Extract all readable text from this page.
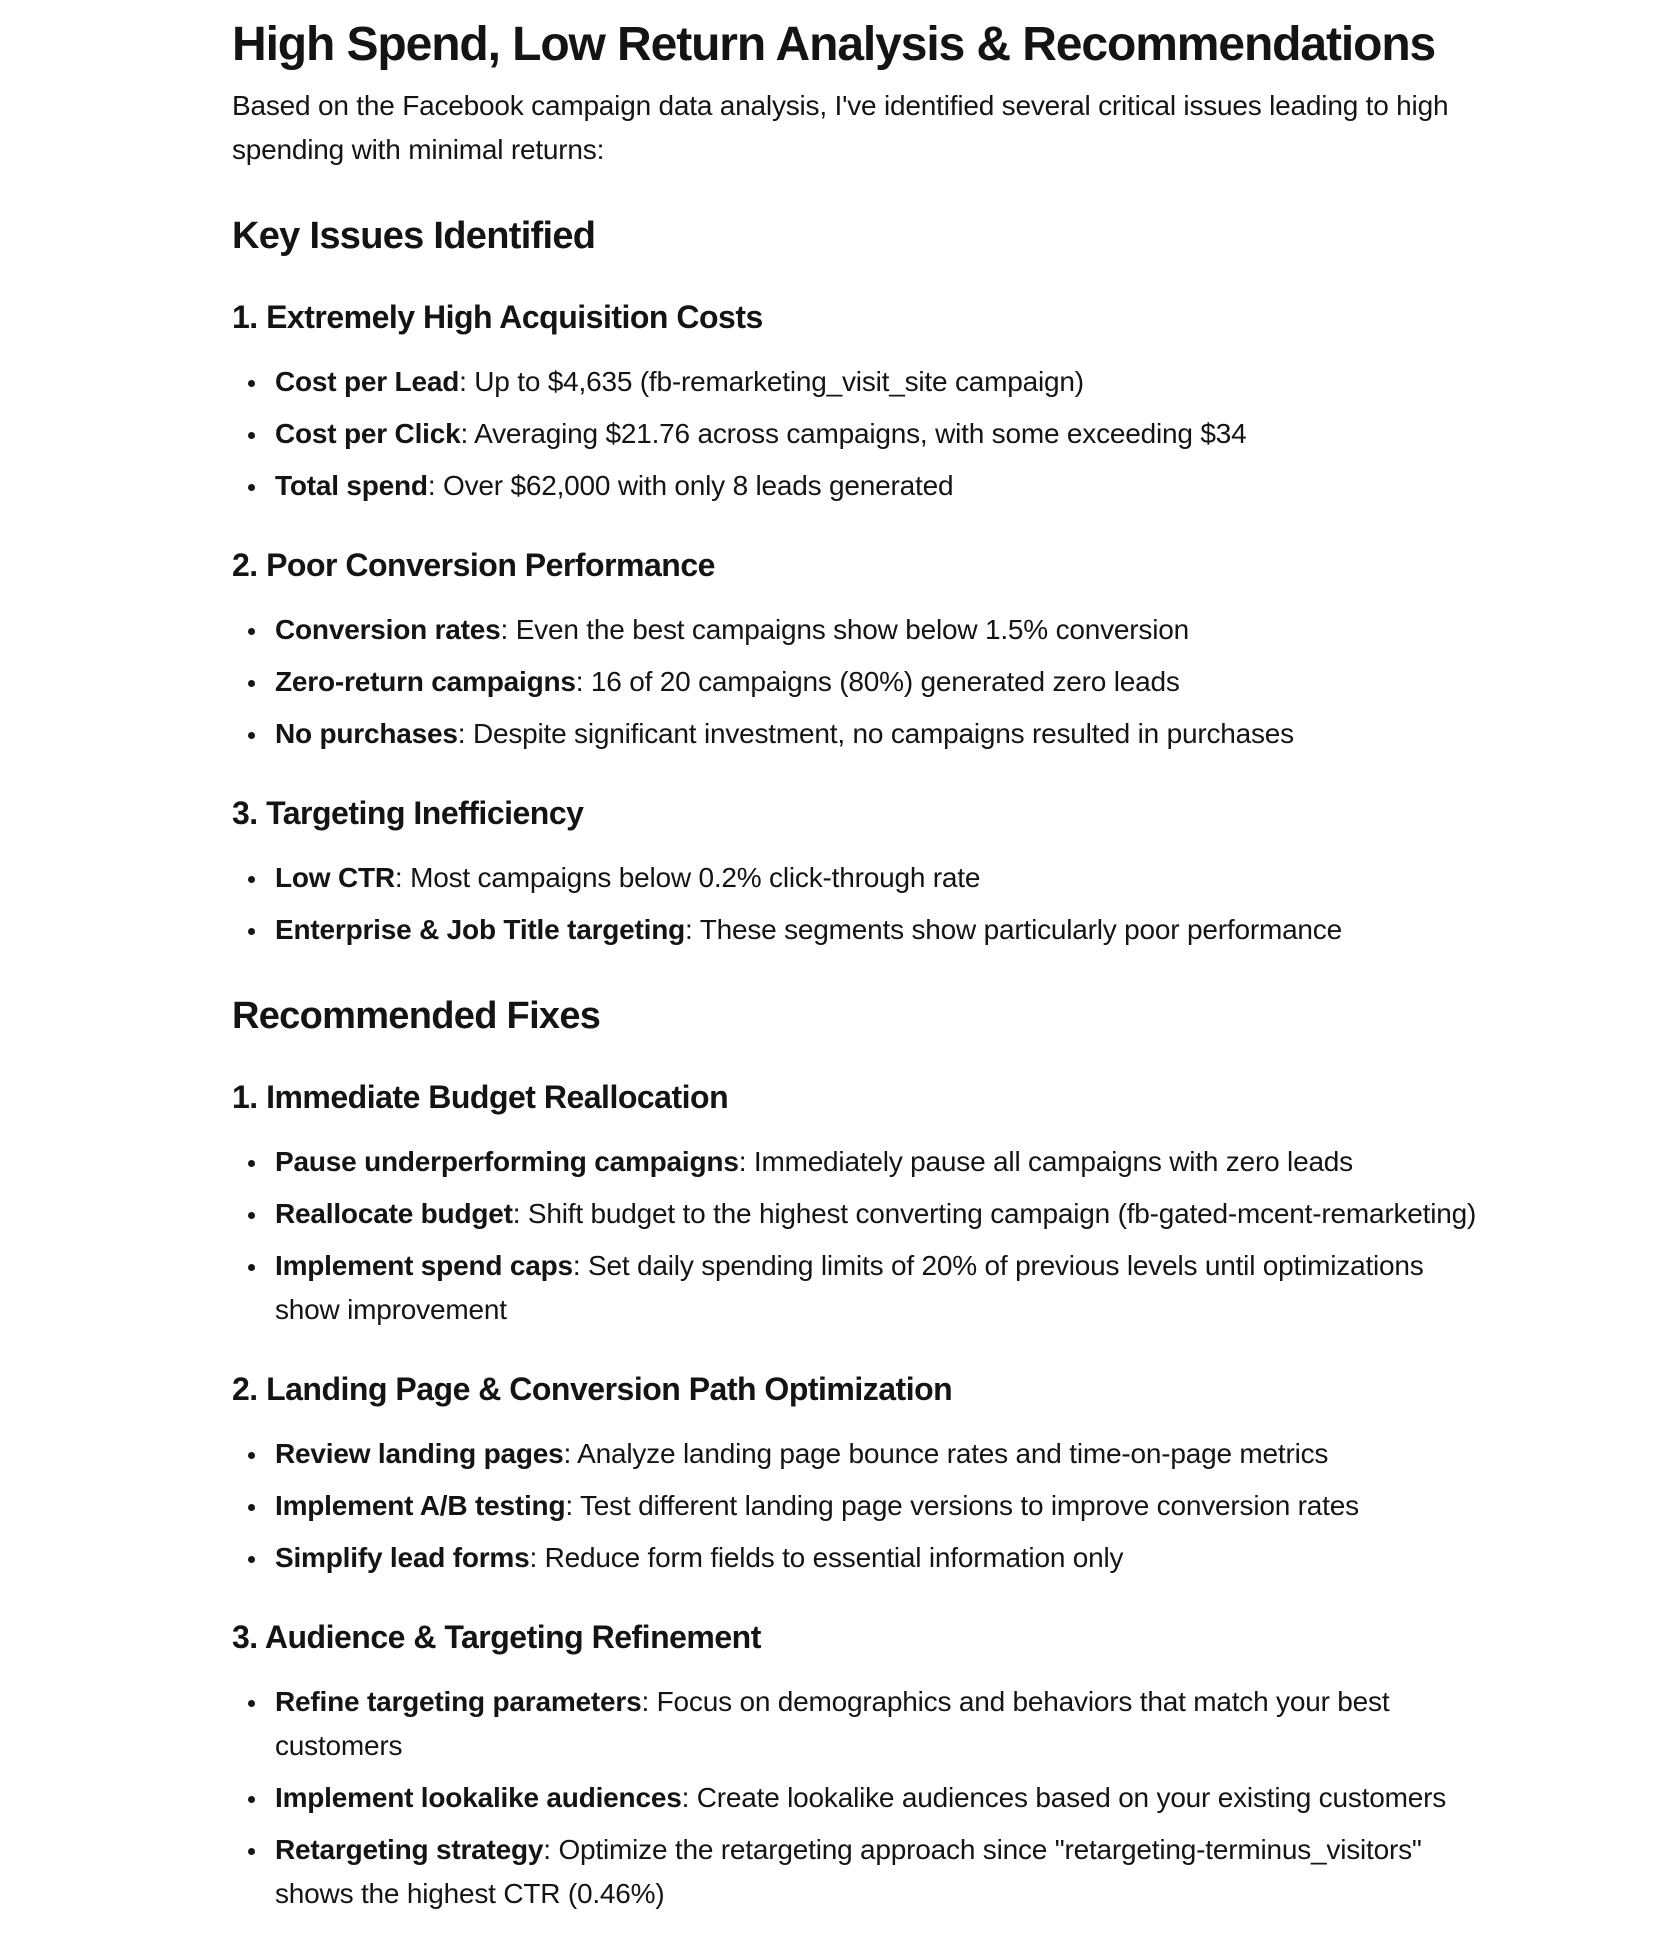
High Spend, Low Return Analysis & Recommendations

Based on the Facebook campaign data analysis, I've identified several critical issues leading to high spending with minimal returns:

Key Issues Identified
1. Extremely High Acquisition Costs
• Cost per Lead: Up to $4,635 (fb-remarketing_visit_site campaign)
• Cost per Click: Averaging $21.76 across campaigns, with some exceeding $34
• Total spend: Over $62,000 with only 8 leads generated
2. Poor Conversion Performance
• Conversion rates: Even the best campaigns show below 1.5% conversion
• Zero-return campaigns: 16 of 20 campaigns (80%) generated zero leads
• No purchases: Despite significant investment, no campaigns resulted in purchases
3. Targeting Inefficiency
• Low CTR: Most campaigns below 0.2% click-through rate
• Enterprise & Job Title targeting: These segments show particularly poor performance
Recommended Fixes
1. Immediate Budget Reallocation
• Pause underperforming campaigns: Immediately pause all campaigns with zero leads
• Reallocate budget: Shift budget to the highest converting campaign (fb-gated-mcent-remarketing)
• Implement spend caps: Set daily spending limits of 20% of previous levels until optimizations show improvement
2. Landing Page & Conversion Path Optimization
• Review landing pages: Analyze landing page bounce rates and time-on-page metrics
• Implement A/B testing: Test different landing page versions to improve conversion rates
• Simplify lead forms: Reduce form fields to essential information only
3. Audience & Targeting Refinement
• Refine targeting parameters: Focus on demographics and behaviors that match your best customers
• Implement lookalike audiences: Create lookalike audiences based on your existing customers
• Retargeting strategy: Optimize the retargeting approach since "retargeting-terminus_visitors" shows the highest CTR (0.46%)
